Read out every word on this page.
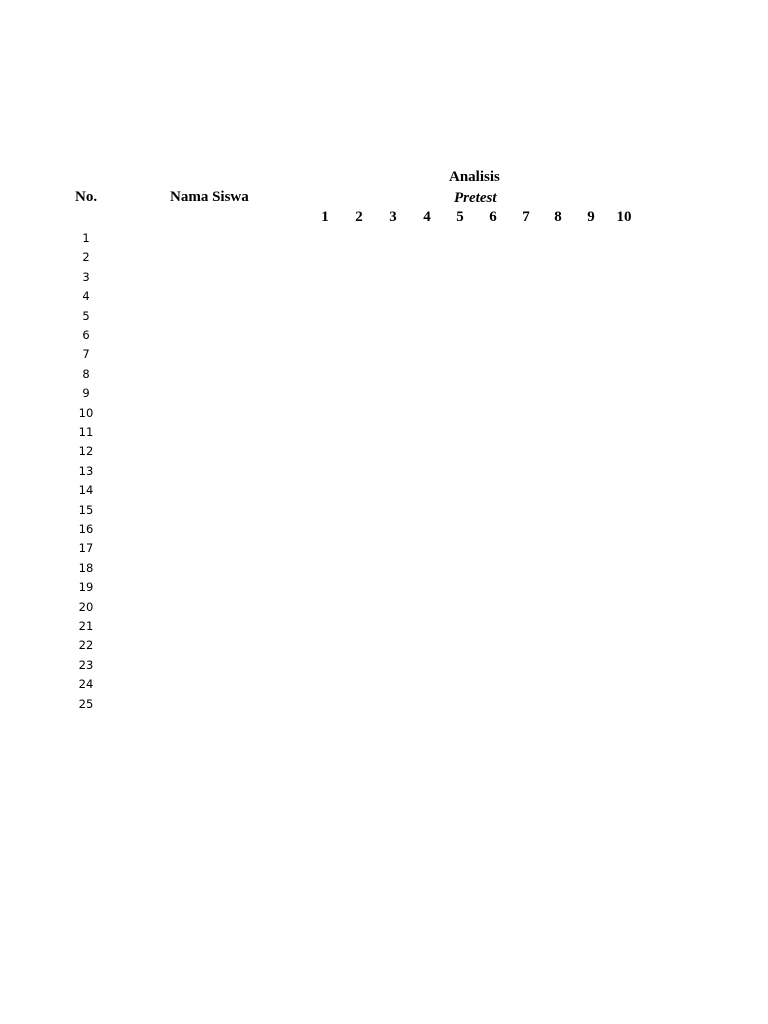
No.	Nama Siswa
Analisis
Pretest
1 2 3 4 5 6 7 8 9 10
1
2
3
4
5
6
7
8
9
10
11
12
13
14
15
16
17
18
19
20
21
22
23
24
25
